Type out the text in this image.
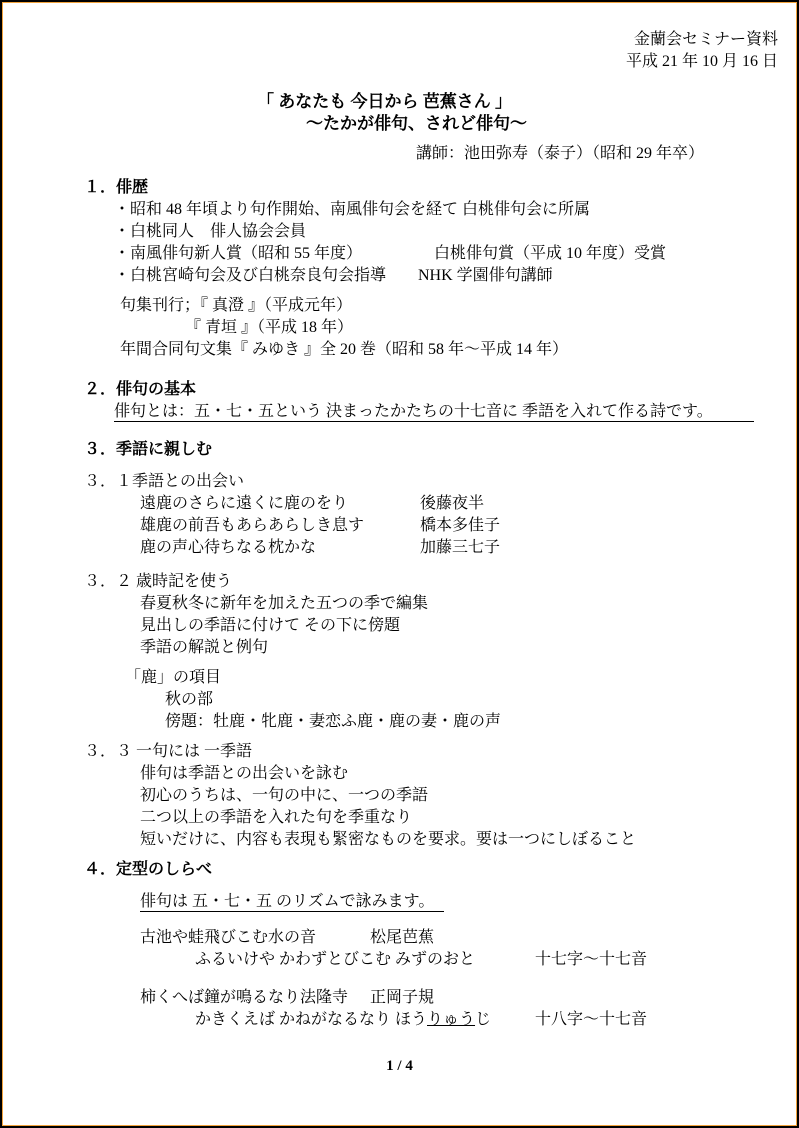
金蘭会セミナー資料
平成 21 年 10 月 16 日
「 あなたも 今日から 芭蕉さん 」
～たかが俳句、されど俳句～
講師：池田弥寿（泰子）（昭和 29 年卒）
１．俳歴
・昭和 48 年頃より句作開始、南風俳句会を経て 白桃俳句会に所属
・白桃同人　俳人協会会員
・南風俳句新人賞（昭和 55 年度）　　　　　白桃俳句賞（平成 10 年度）受賞
・白桃宮崎句会及び白桃奈良句会指導　　NHK 学園俳句講師
句集刊行；『 真澄 』（平成元年）
『 青垣 』（平成 18 年）
年間合同句文集『 みゆき 』全 20 巻（昭和 58 年～平成 14 年）
２．俳句の基本
俳句とは：五・七・五という 決まったかたちの十七音に 季語を入れて作る詩です。
３．季語に親しむ
３．１季語との出会い
遠鹿のさらに遠くに鹿のをり	後藤夜半
雄鹿の前吾もあらあらしき息す	橋本多佳子
鹿の声心待ちなる枕かな	加藤三七子
３．２ 歳時記を使う
春夏秋冬に新年を加えた五つの季で編集
見出しの季語に付けて その下に傍題
季語の解説と例句
「鹿」の項目
秋の部
傍題：牡鹿・牝鹿・妻恋ふ鹿・鹿の妻・鹿の声
３．３ 一句には 一季語
俳句は季語との出会いを詠む
初心のうちは、一句の中に、一つの季語
二つ以上の季語を入れた句を季重なり
短いだけに、内容も表現も緊密なものを要求。要は一つにしぼること
４．定型のしらべ
俳句は 五・七・五 のリズムで詠みます。
古池や蛙飛びこむ水の音	松尾芭蕉
ふるいけや かわずとびこむ みずのおと	十七字～十七音
柿くへば鐘が鳴るなり法隆寺	正岡子規
かきくえば かねがなるなり ほうりゅうじ	十八字～十七音
1 / 4
